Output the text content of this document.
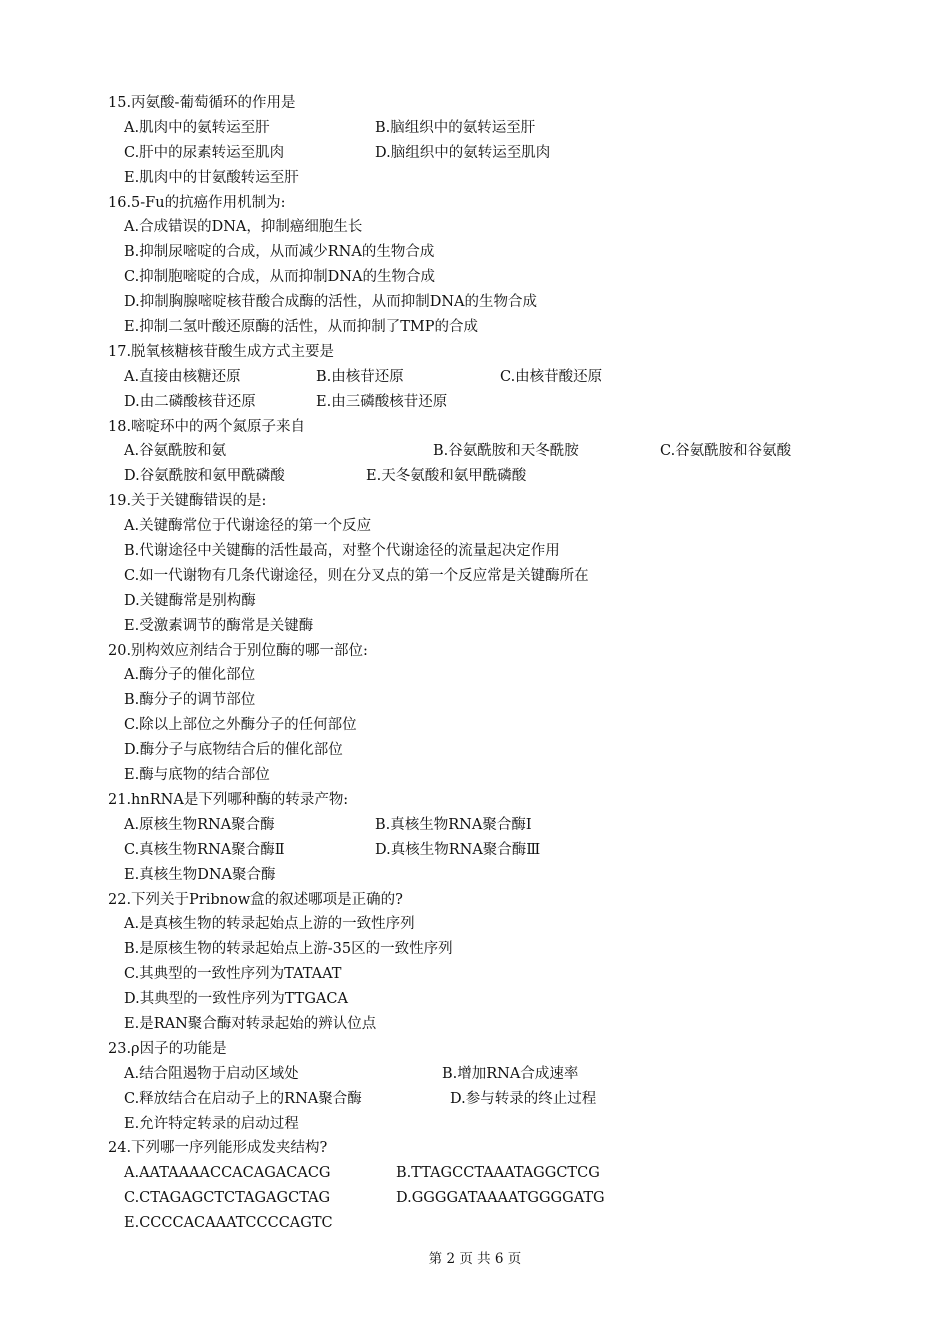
15.丙氨酸-葡萄循环的作用是
A.肌肉中的氨转运至肝	B.脑组织中的氨转运至肝
C.肝中的尿素转运至肌肉	D.脑组织中的氨转运至肌肉
E.肌肉中的甘氨酸转运至肝
16.5-Fu的抗癌作用机制为:
A.合成错误的DNA，抑制癌细胞生长
B.抑制尿嘧啶的合成，从而减少RNA的生物合成
C.抑制胞嘧啶的合成，从而抑制DNA的生物合成
D.抑制胸腺嘧啶核苷酸合成酶的活性，从而抑制DNA的生物合成
E.抑制二氢叶酸还原酶的活性，从而抑制了TMP的合成
17.脱氧核糖核苷酸生成方式主要是
A.直接由核糖还原	B.由核苷还原	C.由核苷酸还原
D.由二磷酸核苷还原	E.由三磷酸核苷还原
18.嘧啶环中的两个氮原子来自
A.谷氨酰胺和氨	B.谷氨酰胺和天冬酰胺	C.谷氨酰胺和谷氨酸
D.谷氨酰胺和氨甲酰磷酸	E.天冬氨酸和氨甲酰磷酸
19.关于关键酶错误的是:
A.关键酶常位于代谢途径的第一个反应
B.代谢途径中关键酶的活性最高，对整个代谢途径的流量起决定作用
C.如一代谢物有几条代谢途径，则在分叉点的第一个反应常是关键酶所在
D.关键酶常是别构酶
E.受激素调节的酶常是关键酶
20.别构效应剂结合于别位酶的哪一部位:
A.酶分子的催化部位
B.酶分子的调节部位
C.除以上部位之外酶分子的任何部位
D.酶分子与底物结合后的催化部位
E.酶与底物的结合部位
21.hnRNA是下列哪种酶的转录产物:
A.原核生物RNA聚合酶	B.真核生物RNA聚合酶Ⅰ
C.真核生物RNA聚合酶Ⅱ	D.真核生物RNA聚合酶Ⅲ
E.真核生物DNA聚合酶
22.下列关于Pribnow盒的叙述哪项是正确的?
A.是真核生物的转录起始点上游的一致性序列
B.是原核生物的转录起始点上游-35区的一致性序列
C.其典型的一致性序列为TATAAT
D.其典型的一致性序列为TTGACA
E.是RAN聚合酶对转录起始的辨认位点
23.ρ因子的功能是
A.结合阻遏物于启动区域处	B.增加RNA合成速率
C.释放结合在启动子上的RNA聚合酶	D.参与转录的终止过程
E.允许特定转录的启动过程
24.下列哪一序列能形成发夹结构?
A.AATAAAACCACAGACACG	B.TTAGCCTAAATAGGCTCG
C.CTAGAGCTCTAGAGCTAG	D.GGGGATAAAATGGGGATG
E.CCCCACAAATCCCCAGTC
第 2 页 共 6 页
